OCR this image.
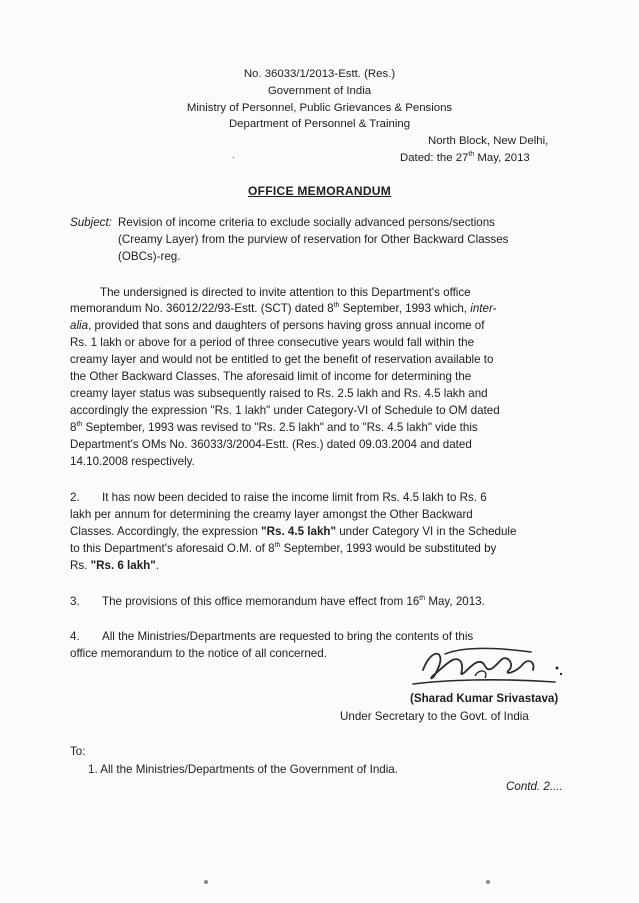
No. 36033/1/2013-Estt. (Res.)
Government of India
Ministry of Personnel, Public Grievances & Pensions
Department of Personnel & Training
North Block, New Delhi,
Dated: the 27th May, 2013
·
OFFICE MEMORANDUM
Subject: Revision of income criteria to exclude socially advanced persons/sections
(Creamy Layer) from the purview of reservation for Other Backward Classes
(OBCs)-reg.
The undersigned is directed to invite attention to this Department's office
memorandum No. 36012/22/93-Estt. (SCT) dated 8th September, 1993 which, inter-
alia, provided that sons and daughters of persons having gross annual income of
Rs. 1 lakh or above for a period of three consecutive years would fall within the
creamy layer and would not be entitled to get the benefit of reservation available to
the Other Backward Classes. The aforesaid limit of income for determining the
creamy layer status was subsequently raised to Rs. 2.5 lakh and Rs. 4.5 lakh and
accordingly the expression "Rs. 1 lakh" under Category-VI of Schedule to OM dated
8th September, 1993 was revised to "Rs. 2.5 lakh" and to "Rs. 4.5 lakh" vide this
Department's OMs No. 36033/3/2004-Estt. (Res.) dated 09.03.2004 and dated
14.10.2008 respectively.
2. It has now been decided to raise the income limit from Rs. 4.5 lakh to Rs. 6
lakh per annum for determining the creamy layer amongst the Other Backward
Classes. Accordingly, the expression "Rs. 4.5 lakh" under Category VI in the Schedule
to this Department's aforesaid O.M. of 8th September, 1993 would be substituted by
Rs. "Rs. 6 lakh".
3. The provisions of this office memorandum have effect from 16th May, 2013.
4. All the Ministries/Departments are requested to bring the contents of this
office memorandum to the notice of all concerned.
(Sharad Kumar Srivastava)
Under Secretary to the Govt. of India
To:
1. All the Ministries/Departments of the Government of India.
Contd. 2....
